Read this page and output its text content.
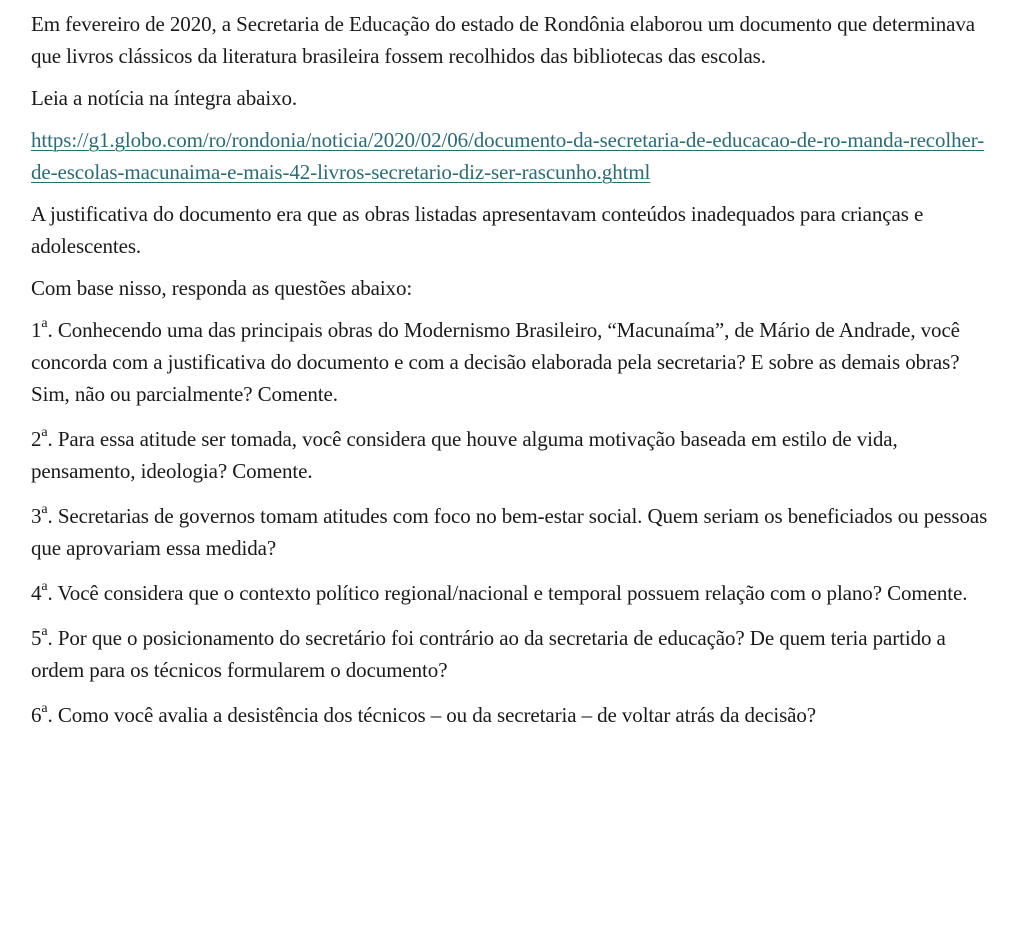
Em fevereiro de 2020, a Secretaria de Educação do estado de Rondônia elaborou um documento que determinava que livros clássicos da literatura brasileira fossem recolhidos das bibliotecas das escolas.

Leia a notícia na íntegra abaixo.

https://g1.globo.com/ro/rondonia/noticia/2020/02/06/documento-da-secretaria-de-educacao-de-ro-manda-recolher-de-escolas-macunaima-e-mais-42-livros-secretario-diz-ser-rascunho.ghtml

A justificativa do documento era que as obras listadas apresentavam conteúdos inadequados para crianças e adolescentes.

Com base nisso, responda as questões abaixo:

1$^a$. Conhecendo uma das principais obras do Modernismo Brasileiro, “Macunaíma”, de Mário de Andrade, você concorda com a justificativa do documento e com a decisão elaborada pela secretaria? E sobre as demais obras? Sim, não ou parcialmente? Comente.

2$^a$. Para essa atitude ser tomada, você considera que houve alguma motivação baseada em estilo de vida, pensamento, ideologia? Comente.

3$^a$. Secretarias de governos tomam atitudes com foco no bem-estar social. Quem seriam os beneficiados ou pessoas que aprovariam essa medida?

4$^a$. Você considera que o contexto político regional/nacional e temporal possuem relação com o plano? Comente.

5$^a$. Por que o posicionamento do secretário foi contrário ao da secretaria de educação? De quem teria partido a ordem para os técnicos formularem o documento?

6$^a$. Como você avalia a desistência dos técnicos – ou da secretaria – de voltar atrás da decisão?
